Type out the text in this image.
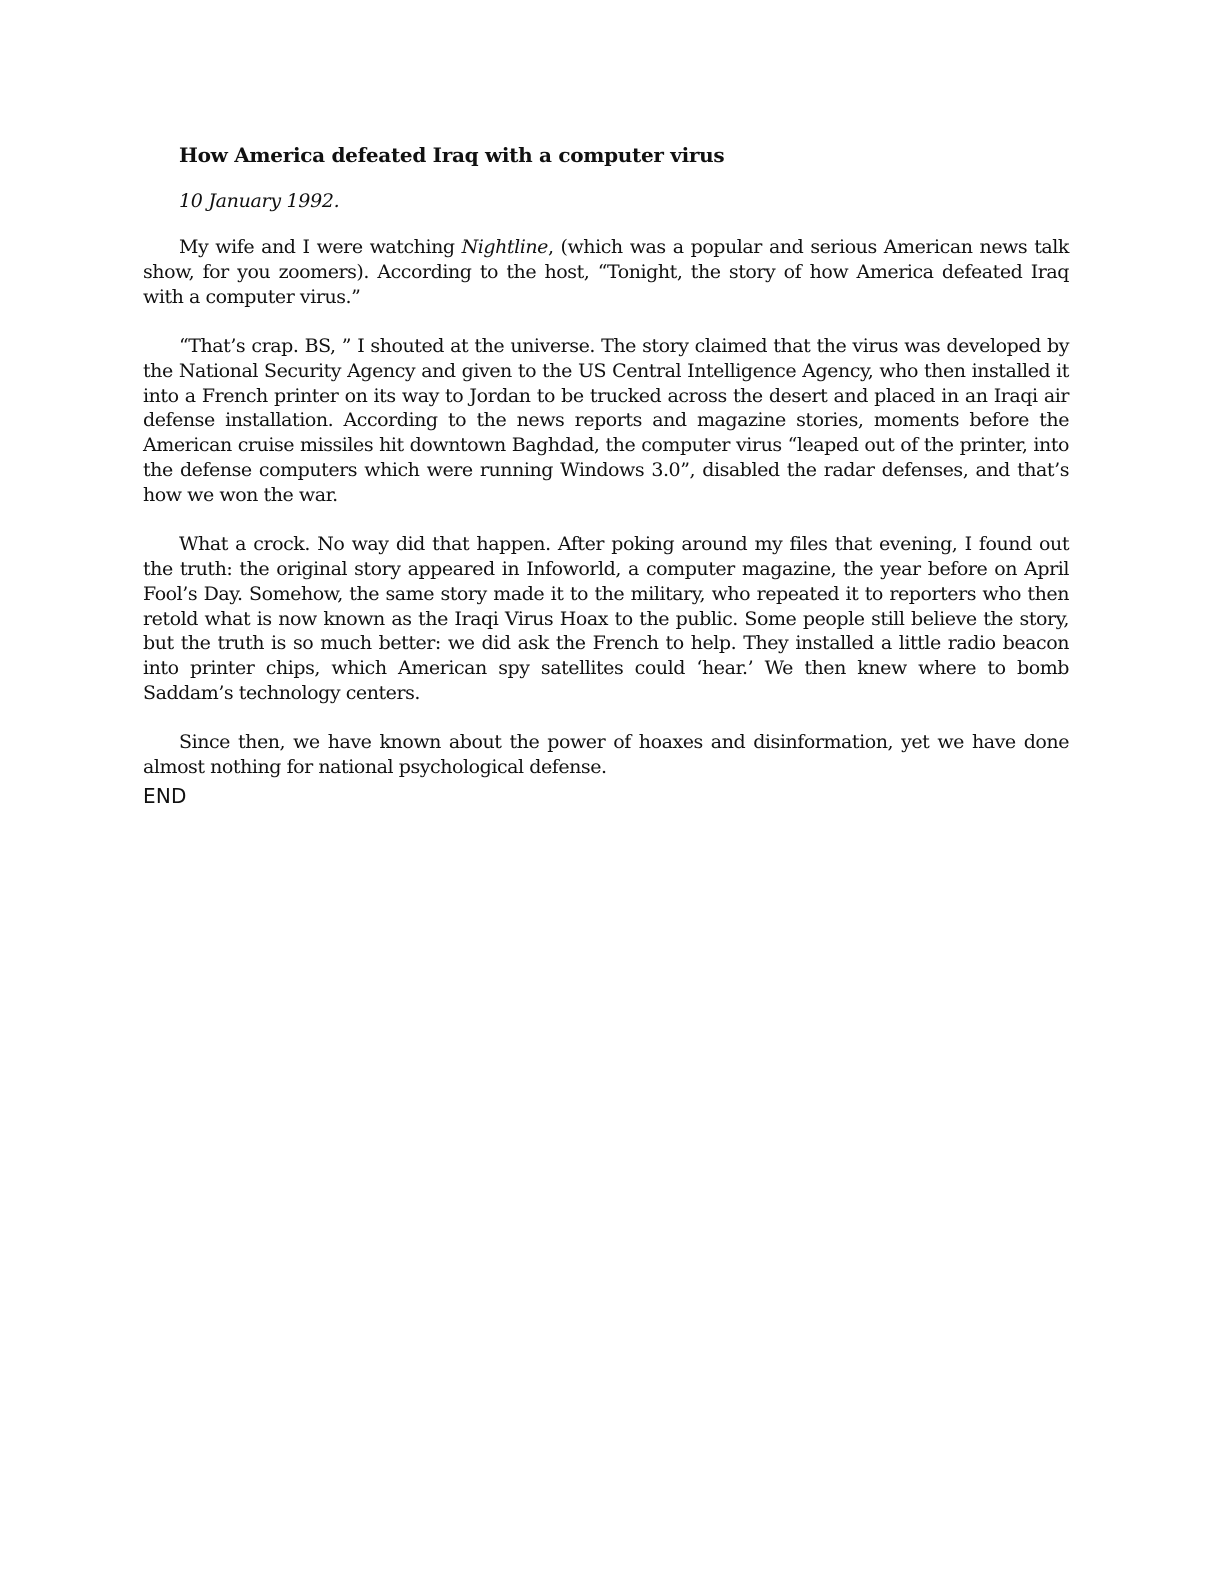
How America defeated Iraq with a computer virus

10 January 1992.

My wife and I were watching Nightline, (which was a popular and serious American news talk show, for you zoomers). According to the host, “Tonight, the story of how America defeated Iraq with a computer virus.”

“That’s crap. BS, ” I shouted at the universe. The story claimed that the virus was developed by the National Security Agency and given to the US Central Intelligence Agency, who then installed it into a French printer on its way to Jordan to be trucked across the desert and placed in an Iraqi air defense installation. According to the news reports and magazine stories, moments before the American cruise missiles hit downtown Baghdad, the computer virus “leaped out of the printer, into the defense computers which were running Windows 3.0”, disabled the radar defenses, and that’s how we won the war.

What a crock. No way did that happen. After poking around my files that evening, I found out the truth: the original story appeared in Infoworld, a computer magazine, the year before on April Fool’s Day. Somehow, the same story made it to the military, who repeated it to reporters who then retold what is now known as the Iraqi Virus Hoax to the public. Some people still believe the story, but the truth is so much better: we did ask the French to help. They installed a little radio beacon into printer chips, which American spy satellites could ‘hear.’ We then knew where to bomb Saddam’s technology centers.

Since then, we have known about the power of hoaxes and disinformation, yet we have done almost nothing for national psychological defense.

END
